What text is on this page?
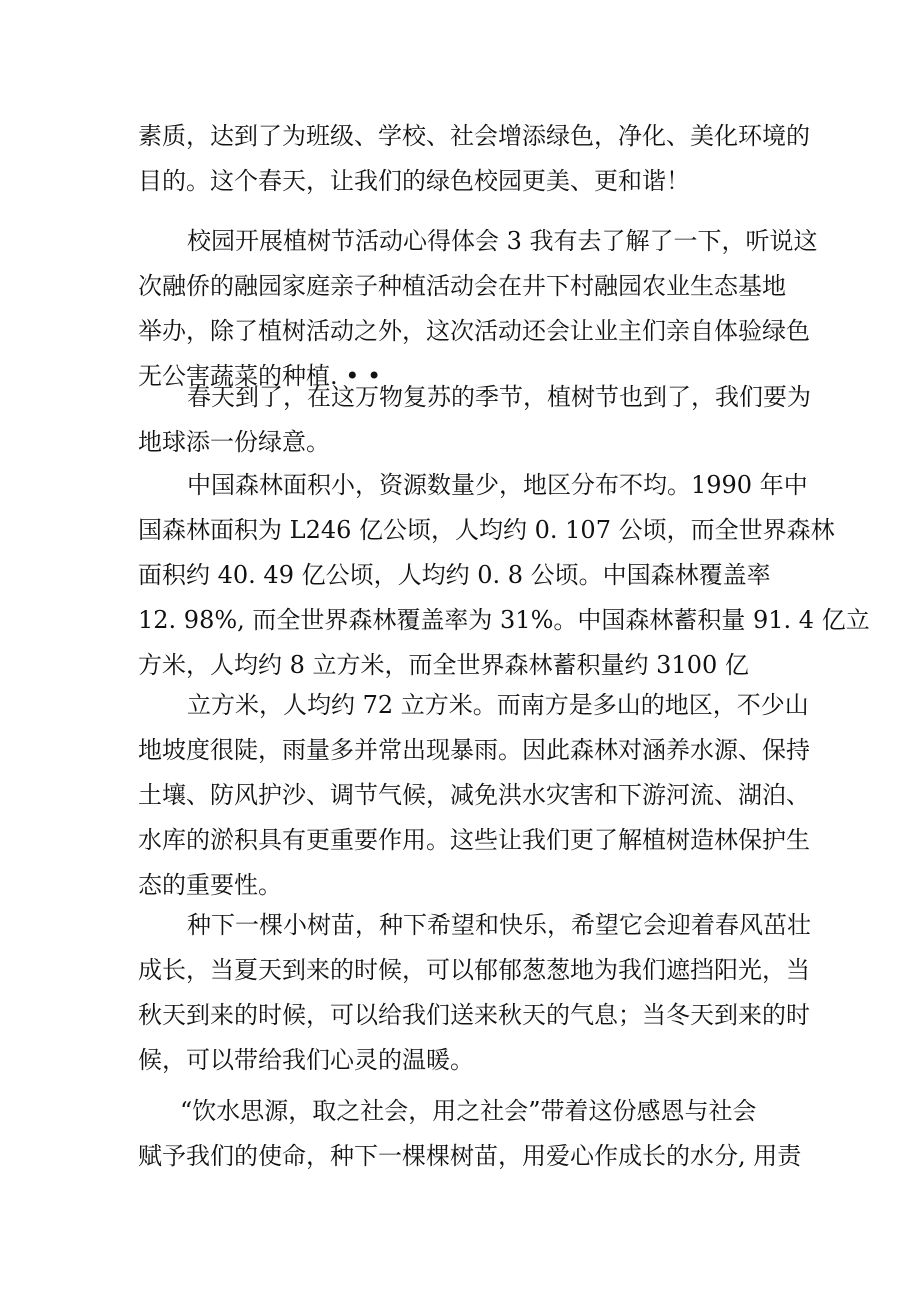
素质，达到了为班级、学校、社会增添绿色，净化、美化环境的
目的。这个春天，让我们的绿色校园更美、更和谐！
校园开展植树节活动心得体会 3 我有去了解了一下，听说这
次融侨的融园家庭亲子种植活动会在井下村融园农业生态基地
举办，除了植树活动之外，这次活动还会让业主们亲自体验绿色
无公害蔬菜的种植. • •
春天到了，在这万物复苏的季节，植树节也到了，我们要为
地球添一份绿意。
中国森林面积小，资源数量少，地区分布不均。1990 年中
国森林面积为 L246 亿公顷，人均约 0. 107 公顷，而全世界森林
面积约 40. 49 亿公顷，人均约 0. 8 公顷。中国森林覆盖率
12. 98%, 而全世界森林覆盖率为 31%。中国森林蓄积量 91. 4 亿立
方米，人均约 8 立方米，而全世界森林蓄积量约 3100 亿
立方米，人均约 72 立方米。而南方是多山的地区，不少山
地坡度很陡，雨量多并常出现暴雨。因此森林对涵养水源、保持
土壤、防风护沙、调节气候，减免洪水灾害和下游河流、湖泊、
水库的淤积具有更重要作用。这些让我们更了解植树造林保护生
态的重要性。
种下一棵小树苗，种下希望和快乐，希望它会迎着春风茁壮
成长，当夏天到来的时候，可以郁郁葱葱地为我们遮挡阳光，当
秋天到来的时候，可以给我们送来秋天的气息；当冬天到来的时
候，可以带给我们心灵的温暖。
“饮水思源，取之社会，用之社会”带着这份感恩与社会
赋予我们的使命，种下一棵棵树苗，用爱心作成长的水分, 用责
